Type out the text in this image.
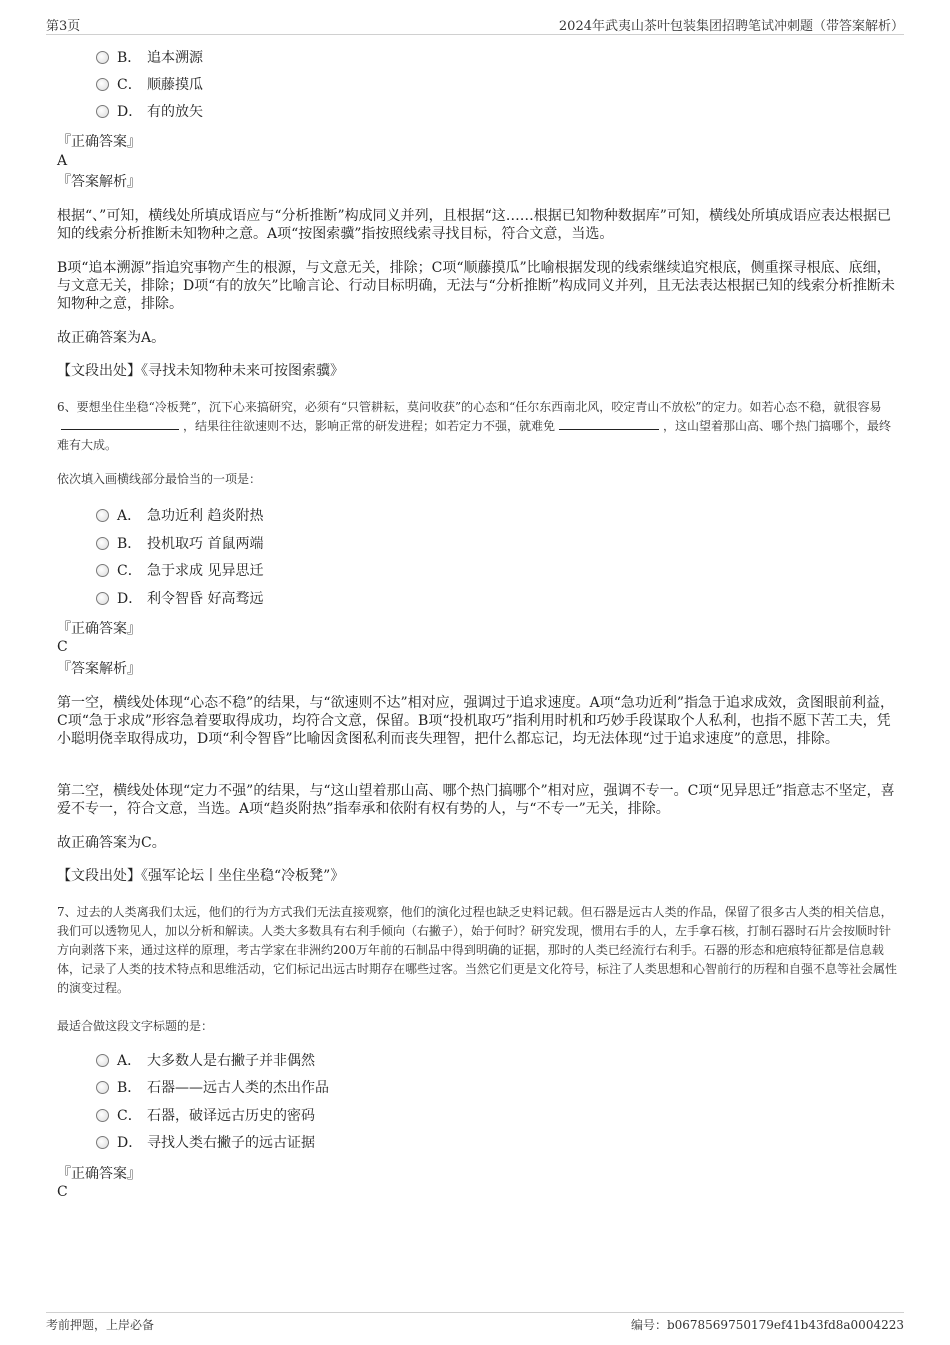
第3页	2024年武夷山茶叶包装集团招聘笔试冲刺题（带答案解析）
B． 追本溯源
C． 顺藤摸瓜
D． 有的放矢
『正确答案』
A
『答案解析』
根据“、”可知，横线处所填成语应与“分析推断”构成同义并列，且根据“这……根据已知物种数据库”可知，横线处所填成语应表达根据已知的线索分析推断未知物种之意。A项“按图索骥”指按照线索寻找目标，符合文意，当选。
B项“追本溯源”指追究事物产生的根源，与文意无关，排除；C项“顺藤摸瓜”比喻根据发现的线索继续追究根底，侧重探寻根底、底细，与文意无关，排除；D项“有的放矢”比喻言论、行动目标明确，无法与“分析推断”构成同义并列，且无法表达根据已知的线索分析推断未知物种之意，排除。
故正确答案为A。
【文段出处】《寻找未知物种未来可按图索骥》
6、要想坐住坐稳“冷板凳”，沉下心来搞研究，必须有“只管耕耘，莫问收获”的心态和“任尔东西南北风，咬定青山不放松”的定力。如若心态不稳，就很容易，结果往往欲速则不达，影响正常的研发进程；如若定力不强，就难免	，这山望着那山高、哪个热门搞哪个，最终难有大成。
依次填入画横线部分最恰当的一项是：
A． 急功近利 趋炎附热
B． 投机取巧 首鼠两端
C． 急于求成 见异思迁
D． 利令智昏 好高骛远
『正确答案』
C
『答案解析』
第一空，横线处体现“心态不稳”的结果，与“欲速则不达”相对应，强调过于追求速度。A项“急功近利”指急于追求成效，贪图眼前利益，C项“急于求成”形容急着要取得成功，均符合文意，保留。B项“投机取巧”指利用时机和巧妙手段谋取个人私利，也指不愿下苦工夫，凭小聪明侥幸取得成功，D项“利令智昏”比喻因贪图私利而丧失理智，把什么都忘记，均无法体现“过于追求速度”的意思，排除。
第二空，横线处体现“定力不强”的结果，与“这山望着那山高、哪个热门搞哪个”相对应，强调不专一。C项“见异思迁”指意志不坚定，喜爱不专一，符合文意，当选。A项“趋炎附热”指奉承和依附有权有势的人，与“不专一”无关，排除。
故正确答案为C。
【文段出处】《强军论坛丨坐住坐稳“冷板凳”》
7、过去的人类离我们太远，他们的行为方式我们无法直接观察，他们的演化过程也缺乏史料记载。但石器是远古人类的作品，保留了很多古人类的相关信息，我们可以透物见人，加以分析和解读。人类大多数具有右利手倾向（右撇子），始于何时？研究发现，惯用右手的人，左手拿石核，打制石器时石片会按顺时针方向剥落下来，通过这样的原理，考古学家在非洲约200万年前的石制品中得到明确的证据，那时的人类已经流行右利手。石器的形态和疤痕特征都是信息载体，记录了人类的技术特点和思维活动，它们标记出远古时期存在哪些过客。当然它们更是文化符号，标注了人类思想和心智前行的历程和自强不息等社会属性的演变过程。
最适合做这段文字标题的是：
A． 大多数人是右撇子并非偶然
B． 石器——远古人类的杰出作品
C． 石器，破译远古历史的密码
D． 寻找人类右撇子的远古证据
『正确答案』
C
考前押题，上岸必备	编号：b0678569750179ef41b43fd8a0004223
